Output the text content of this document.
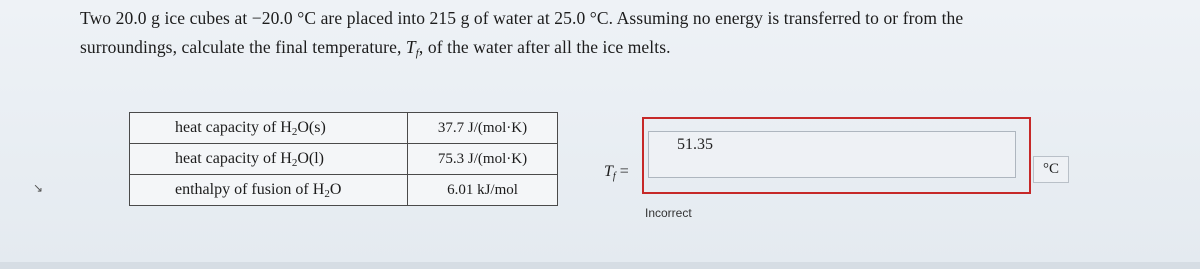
Two 20.0 g ice cubes at −20.0 °C are placed into 215 g of water at 25.0 °C. Assuming no energy is transferred to or from the
surroundings, calculate the final temperature, $T_f$, of the water after all the ice melts.
↘
heat capacity of $H_2O(s)$	37.7 J/(mol·K)
heat capacity of $H_2O(l)$	75.3 J/(mol·K)
enthalpy of fusion of $H_2O$	6.01 kJ/mol
$T_f$ =
51.35	°C
Incorrect
